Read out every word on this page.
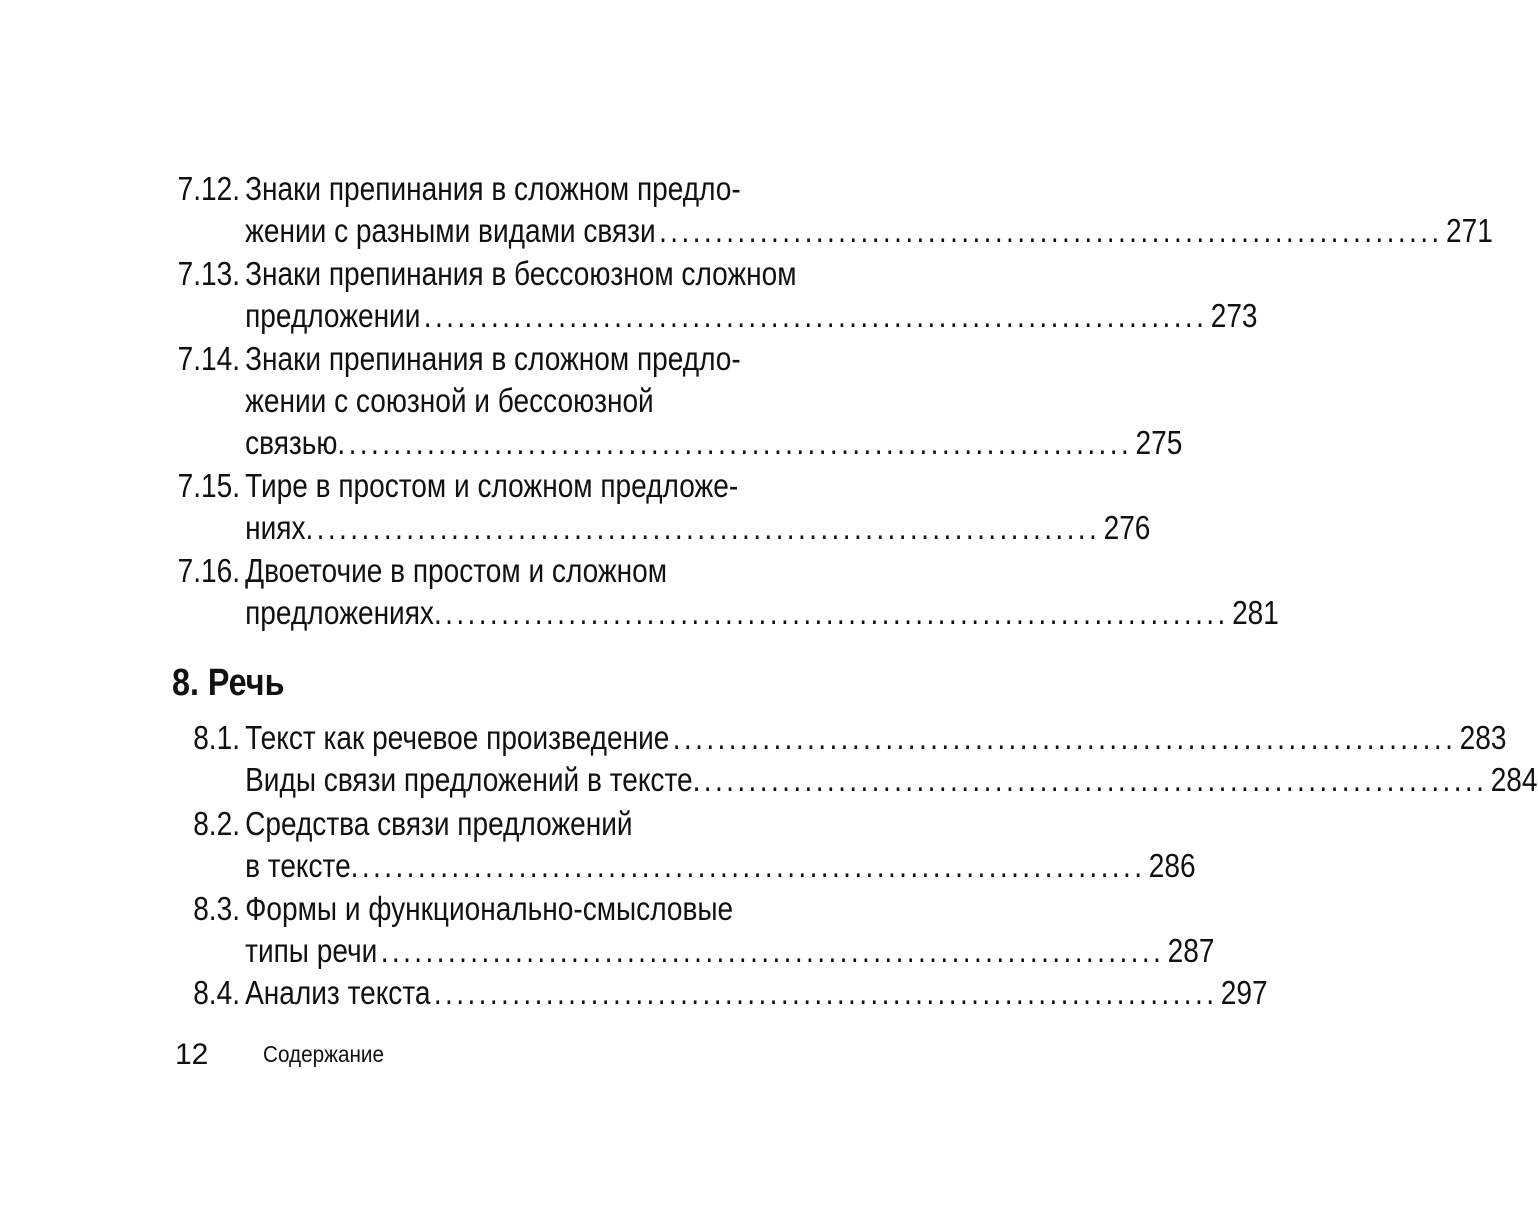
7.12. Знаки препинания в сложном предло-
жении с разными видами связи ...................................................................... 271
7.13. Знаки препинания в бессоюзном сложном
предложении ...................................................................... 273
7.14. Знаки препинания в сложном предло-
жении с союзной и бессоюзной
связью. ...................................................................... 275
7.15. Тире в простом и сложном предложе-
ниях. ...................................................................... 276
7.16. Двоеточие в простом и сложном
предложениях. ...................................................................... 281
8. Речь
8.1. Текст как речевое произведение ...................................................................... 283
Виды связи предложений в тексте. ...................................................................... 284
8.2. Средства связи предложений
в тексте. ...................................................................... 286
8.3. Формы и функционально-смысловые
типы речи ...................................................................... 287
8.4. Анализ текста ...................................................................... 297
12 Содержание
